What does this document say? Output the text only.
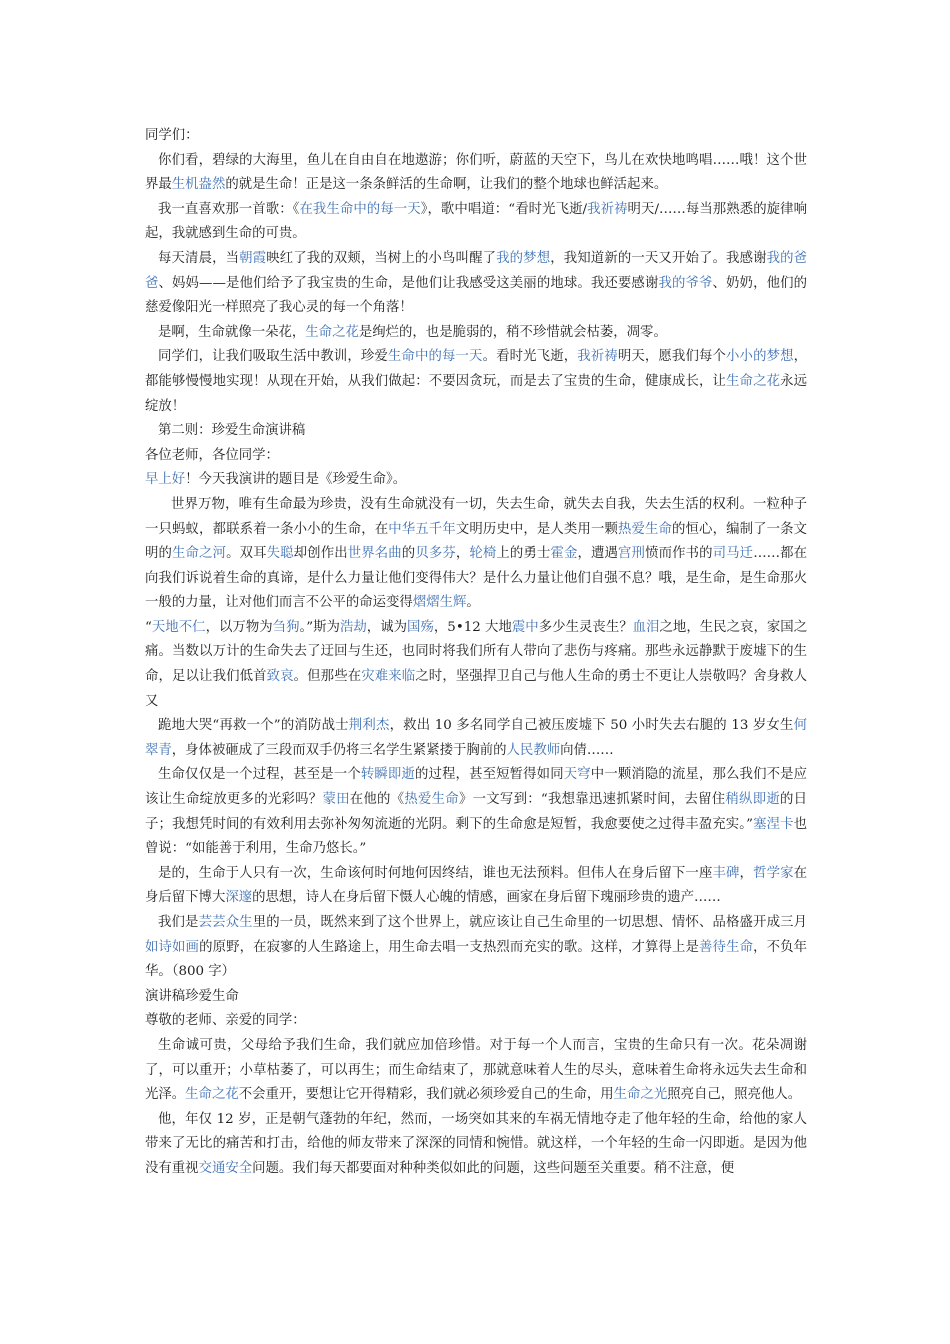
同学们：

你们看，碧绿的大海里，鱼儿在自由自在地遨游；你们听，蔚蓝的天空下，鸟儿在欢快地鸣唱……哦！这个世界最生机盎然的就是生命！正是这一条条鲜活的生命啊，让我们的整个地球也鲜活起来。

我一直喜欢那一首歌：《在我生命中的每一天》，歌中唱道：“看时光飞逝/我祈祷明天/……每当那熟悉的旋律响起，我就感到生命的可贵。

每天清晨，当朝霞映红了我的双颊，当树上的小鸟叫醒了我的梦想，我知道新的一天又开始了。我感谢我的爸爸、妈妈——是他们给予了我宝贵的生命，是他们让我感受这美丽的地球。我还要感谢我的爷爷、奶奶，他们的慈爱像阳光一样照亮了我心灵的每一个角落！

是啊，生命就像一朵花，生命之花是绚烂的，也是脆弱的，稍不珍惜就会枯萎，凋零。

同学们，让我们吸取生活中教训，珍爱生命中的每一天。看时光飞逝，我祈祷明天，愿我们每个小小的梦想，都能够慢慢地实现！从现在开始，从我们做起：不要因贪玩，而是去了宝贵的生命，健康成长，让生命之花永远绽放！

第二则：珍爱生命演讲稿

各位老师，各位同学：

早上好！今天我演讲的题目是《珍爱生命》。

世界万物，唯有生命最为珍贵，没有生命就没有一切，失去生命，就失去自我，失去生活的权利。一粒种子一只蚂蚁，都联系着一条小小的生命，在中华五千年文明历史中，是人类用一颗热爱生命的恒心，编制了一条文明的生命之河。双耳失聪却创作出世界名曲的贝多芬，轮椅上的勇士霍金，遭遇宫刑愤而作书的司马迁……都在向我们诉说着生命的真谛，是什么力量让他们变得伟大？是什么力量让他们自强不息？哦，是生命，是生命那火一般的力量，让对他们而言不公平的命运变得熠熠生辉。

“天地不仁，以万物为刍狗。”斯为浩劫，诚为国殇，5•12 大地震中多少生灵丧生？血泪之地，生民之哀，家国之痛。当数以万计的生命失去了迂回与生还，也同时将我们所有人带向了悲伤与疼痛。那些永远静默于废墟下的生命，足以让我们低首致哀。但那些在灾难来临之时，坚强捍卫自己与他人生命的勇士不更让人崇敬吗？舍身救人又

跪地大哭“再救一个”的消防战士荆利杰，救出 10 多名同学自己被压废墟下 50 小时失去右腿的 13 岁女生何翠青，身体被砸成了三段而双手仍将三名学生紧紧搂于胸前的人民教师向倩……

生命仅仅是一个过程，甚至是一个转瞬即逝的过程，甚至短暂得如同天穹中一颗消隐的流星，那么我们不是应该让生命绽放更多的光彩吗？蒙田在他的《热爱生命》一文写到：“我想靠迅速抓紧时间，去留住稍纵即逝的日子；我想凭时间的有效利用去弥补匆匆流逝的光阴。剩下的生命愈是短暂，我愈要使之过得丰盈充实。”塞涅卡也曾说：“如能善于利用，生命乃悠长。”

是的，生命于人只有一次，生命该何时何地何因终结，谁也无法预料。但伟人在身后留下一座丰碑，哲学家在身后留下博大深邃的思想，诗人在身后留下慑人心魄的情感，画家在身后留下瑰丽珍贵的遗产……

我们是芸芸众生里的一员，既然来到了这个世界上，就应该让自己生命里的一切思想、情怀、品格盛开成三月如诗如画的原野，在寂寥的人生路途上，用生命去唱一支热烈而充实的歌。这样，才算得上是善待生命，不负年华。（800 字）

演讲稿珍爱生命

尊敬的老师、亲爱的同学：

生命诚可贵，父母给予我们生命，我们就应加倍珍惜。对于每一个人而言，宝贵的生命只有一次。花朵凋谢了，可以重开；小草枯萎了，可以再生；而生命结束了，那就意味着人生的尽头，意味着生命将永远失去生命和光泽。生命之花不会重开，要想让它开得精彩，我们就必须珍爱自己的生命，用生命之光照亮自己，照亮他人。

他，年仅 12 岁，正是朝气蓬勃的年纪，然而，一场突如其来的车祸无情地夺走了他年轻的生命，给他的家人带来了无比的痛苦和打击，给他的师友带来了深深的同情和惋惜。就这样，一个年轻的生命一闪即逝。是因为他没有重视交通安全问题。我们每天都要面对种种类似如此的问题，这些问题至关重要。稍不注意，便
